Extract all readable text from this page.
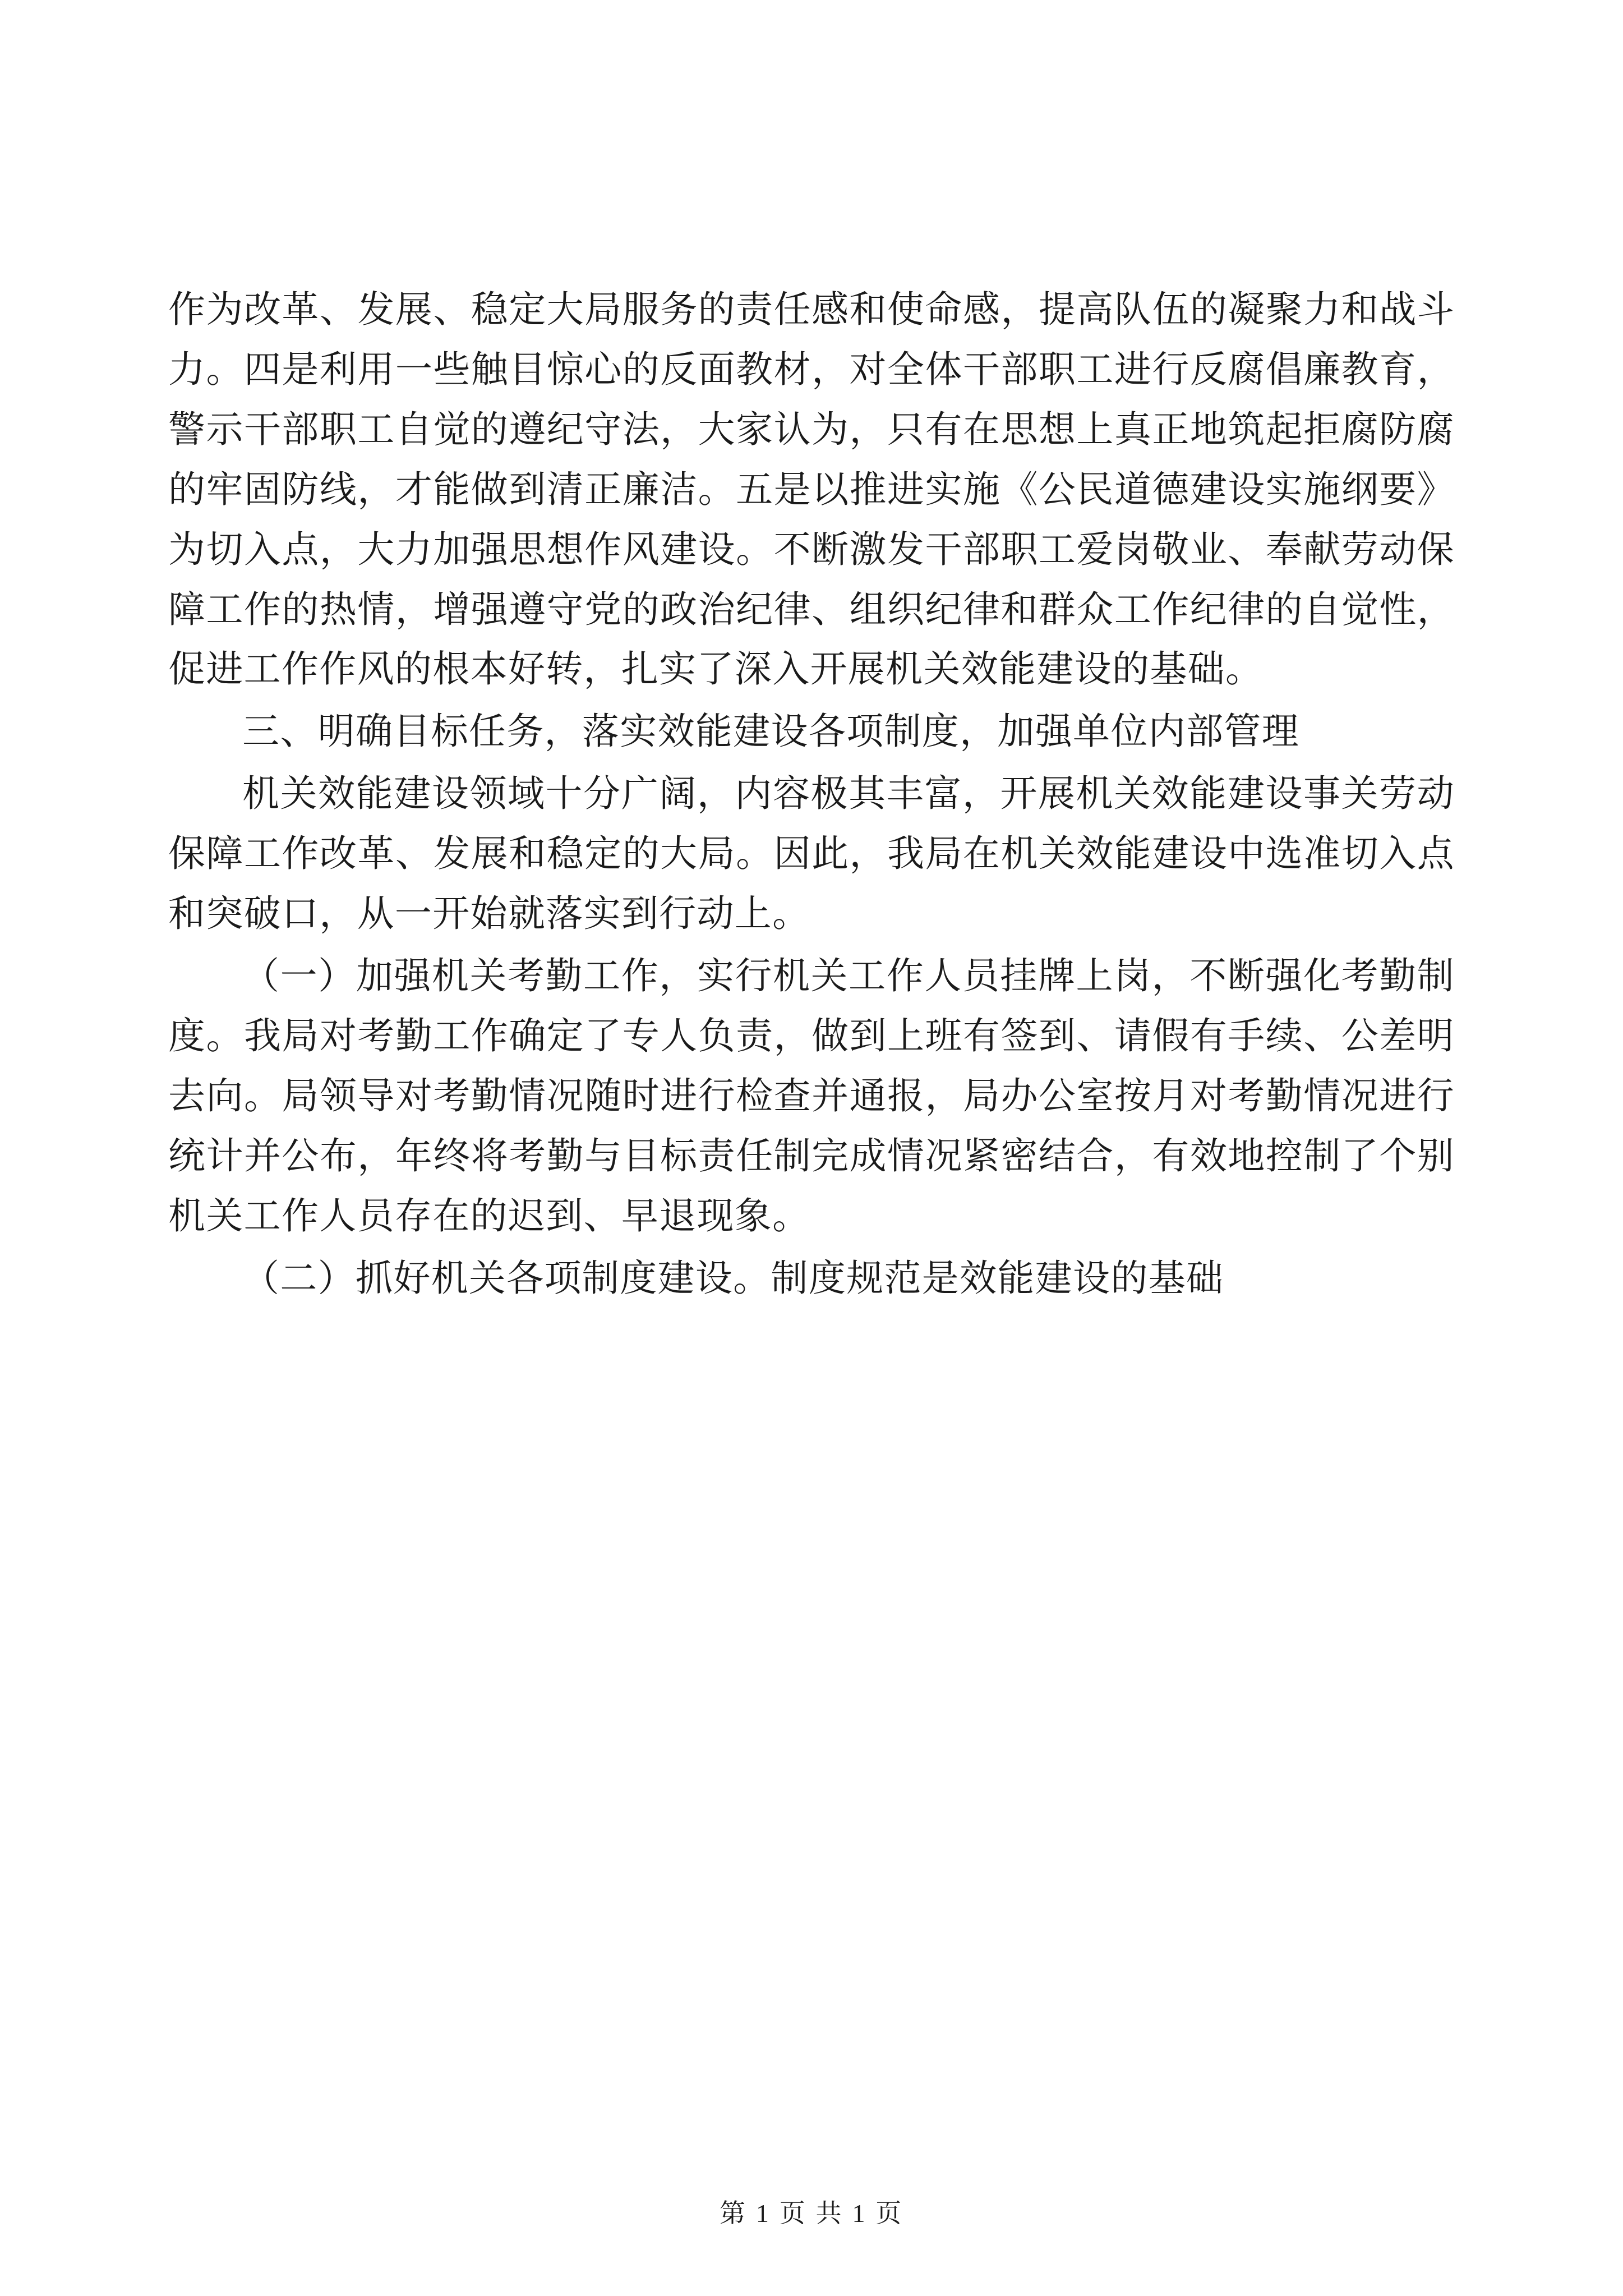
作为改革、发展、稳定大局服务的责任感和使命感，提高队伍的凝聚力和战斗力。四是利用一些触目惊心的反面教材，对全体干部职工进行反腐倡廉教育，警示干部职工自觉的遵纪守法，大家认为，只有在思想上真正地筑起拒腐防腐的牢固防线，才能做到清正廉洁。五是以推进实施《公民道德建设实施纲要》为切入点，大力加强思想作风建设。不断激发干部职工爱岗敬业、奉献劳动保障工作的热情，增强遵守党的政治纪律、组织纪律和群众工作纪律的自觉性，促进工作作风的根本好转，扎实了深入开展机关效能建设的基础。

三、明确目标任务，落实效能建设各项制度，加强单位内部管理

机关效能建设领域十分广阔，内容极其丰富，开展机关效能建设事关劳动保障工作改革、发展和稳定的大局。因此，我局在机关效能建设中选准切入点和突破口，从一开始就落实到行动上。

（一）加强机关考勤工作，实行机关工作人员挂牌上岗，不断强化考勤制度。我局对考勤工作确定了专人负责，做到上班有签到、请假有手续、公差明去向。局领导对考勤情况随时进行检查并通报，局办公室按月对考勤情况进行统计并公布，年终将考勤与目标责任制完成情况紧密结合，有效地控制了个别机关工作人员存在的迟到、早退现象。

（二）抓好机关各项制度建设。制度规范是效能建设的基础

第 1 页 共 1 页
